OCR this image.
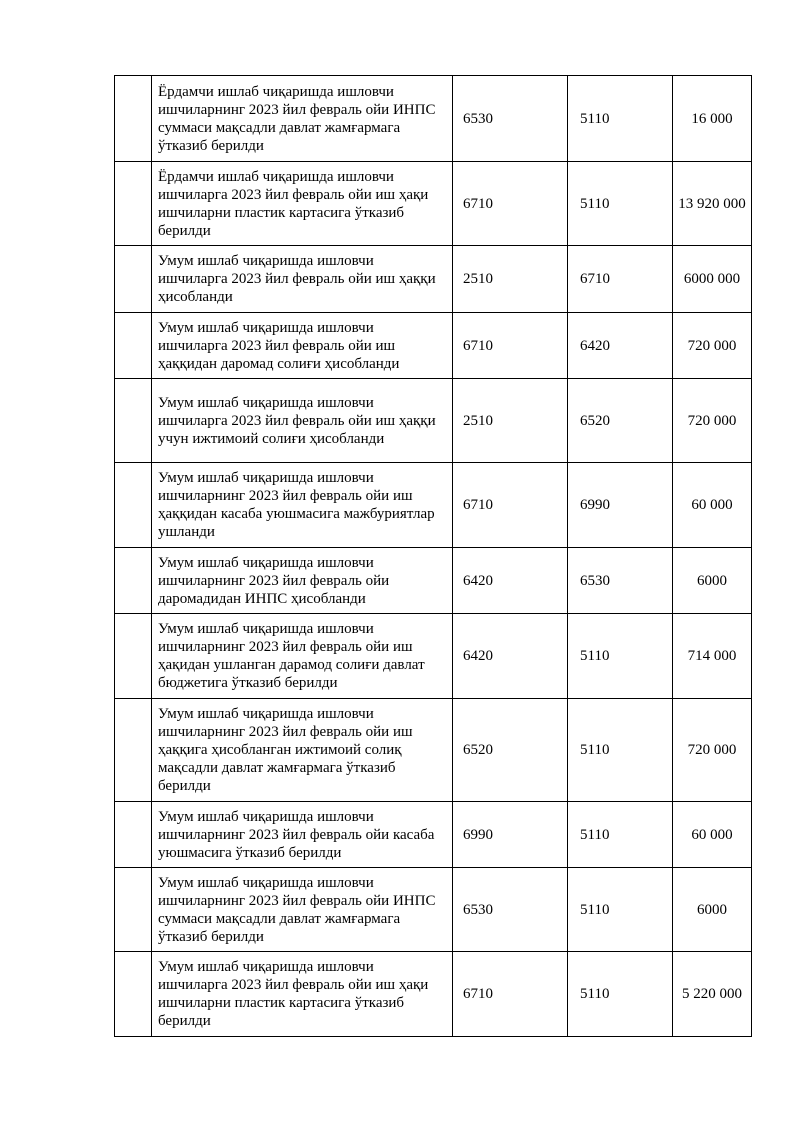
	Ёрдамчи ишлаб чиқаришда ишловчи ишчиларнинг 2023 йил февраль ойи ИНПС суммаси мақсадли давлат жамғармага ўтказиб берилди	6530	5110	16 000
	Ёрдамчи ишлаб чиқаришда ишловчи ишчиларга 2023 йил февраль ойи иш ҳақи ишчиларни пластик картасига ўтказиб берилди	6710	5110	13 920 000
	Умум ишлаб чиқаришда ишловчи ишчиларга 2023 йил февраль ойи иш ҳаққи ҳисобланди	2510	6710	6000 000
	Умум ишлаб чиқаришда ишловчи ишчиларга 2023 йил февраль ойи иш ҳаққидан даромад солиғи ҳисобланди	6710	6420	720 000
	Умум ишлаб чиқаришда ишловчи ишчиларга 2023 йил февраль ойи иш ҳаққи учун ижтимоий солиғи ҳисобланди	2510	6520	720 000
	Умум ишлаб чиқаришда ишловчи ишчиларнинг 2023 йил февраль ойи иш ҳаққидан касаба уюшмасига мажбуриятлар ушланди	6710	6990	60 000
	Умум ишлаб чиқаришда ишловчи ишчиларнинг 2023 йил февраль ойи даромадидан ИНПС ҳисобланди	6420	6530	6000
	Умум ишлаб чиқаришда ишловчи ишчиларнинг 2023 йил февраль ойи иш ҳақидан ушланган дарамод солиғи давлат бюджетига ўтказиб берилди	6420	5110	714 000
	Умум ишлаб чиқаришда ишловчи ишчиларнинг 2023 йил февраль ойи иш ҳаққига ҳисобланган ижтимоий солиқ мақсадли давлат жамғармага ўтказиб берилди	6520	5110	720 000
	Умум ишлаб чиқаришда ишловчи ишчиларнинг 2023 йил февраль ойи касаба уюшмасига ўтказиб берилди	6990	5110	60 000
	Умум ишлаб чиқаришда ишловчи ишчиларнинг 2023 йил февраль ойи ИНПС суммаси мақсадли давлат жамғармага ўтказиб берилди	6530	5110	6000
	Умум ишлаб чиқаришда ишловчи ишчиларга 2023 йил февраль ойи иш ҳақи ишчиларни пластик картасига ўтказиб берилди	6710	5110	5 220 000
